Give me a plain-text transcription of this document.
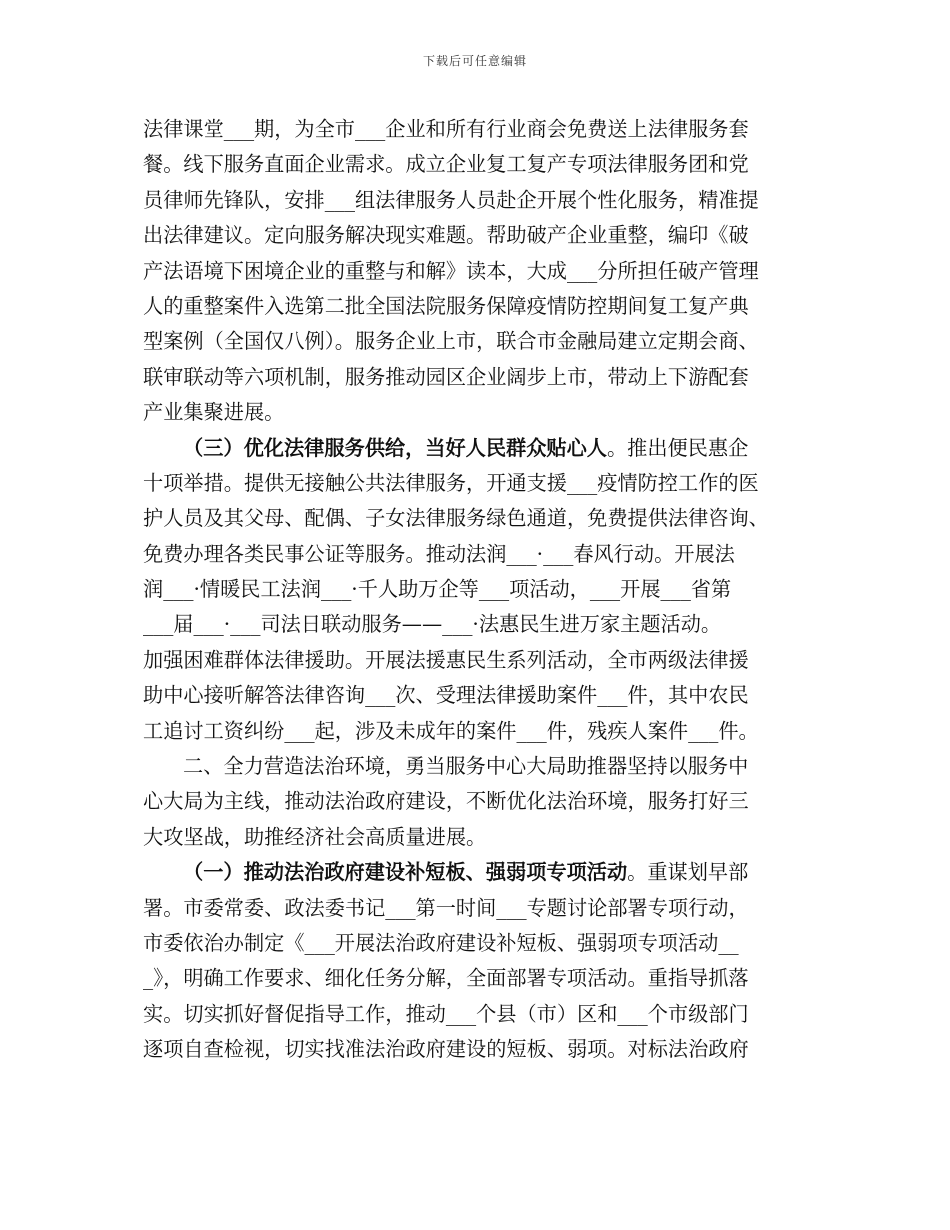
下载后可任意编辑
法律课堂___期，为全市___企业和所有行业商会免费送上法律服务套
餐。线下服务直面企业需求。成立企业复工复产专项法律服务团和党
员律师先锋队，安排___组法律服务人员赴企开展个性化服务，精准提
出法律建议。定向服务解决现实难题。帮助破产企业重整，编印《破
产法语境下困境企业的重整与和解》读本，大成___分所担任破产管理
人的重整案件入选第二批全国法院服务保障疫情防控期间复工复产典
型案例（全国仅八例）。服务企业上市，联合市金融局建立定期会商、
联审联动等六项机制，服务推动园区企业阔步上市，带动上下游配套
产业集聚进展。
（三）优化法律服务供给，当好人民群众贴心人。推出便民惠企
十项举措。提供无接触公共法律服务，开通支援___疫情防控工作的医
护人员及其父母、配偶、子女法律服务绿色通道，免费提供法律咨询、
免费办理各类民事公证等服务。推动法润___·___春风行动。开展法
润___·情暖民工法润___·千人助万企等___项活动，___开展___省第
___届___·___司法日联动服务——___·法惠民生进万家主题活动。
加强困难群体法律援助。开展法援惠民生系列活动，全市两级法律援
助中心接听解答法律咨询___次、受理法律援助案件___件，其中农民
工追讨工资纠纷___起，涉及未成年的案件___件，残疾人案件___件。
二、全力营造法治环境，勇当服务中心大局助推器坚持以服务中
心大局为主线，推动法治政府建设，不断优化法治环境，服务打好三
大攻坚战，助推经济社会高质量进展。
（一）推动法治政府建设补短板、强弱项专项活动。重谋划早部
署。市委常委、政法委书记___第一时间___专题讨论部署专项行动，
市委依治办制定《___开展法治政府建设补短板、强弱项专项活动__
_》，明确工作要求、细化任务分解，全面部署专项活动。重指导抓落
实。切实抓好督促指导工作，推动___个县（市）区和___个市级部门
逐项自查检视，切实找准法治政府建设的短板、弱项。对标法治政府
